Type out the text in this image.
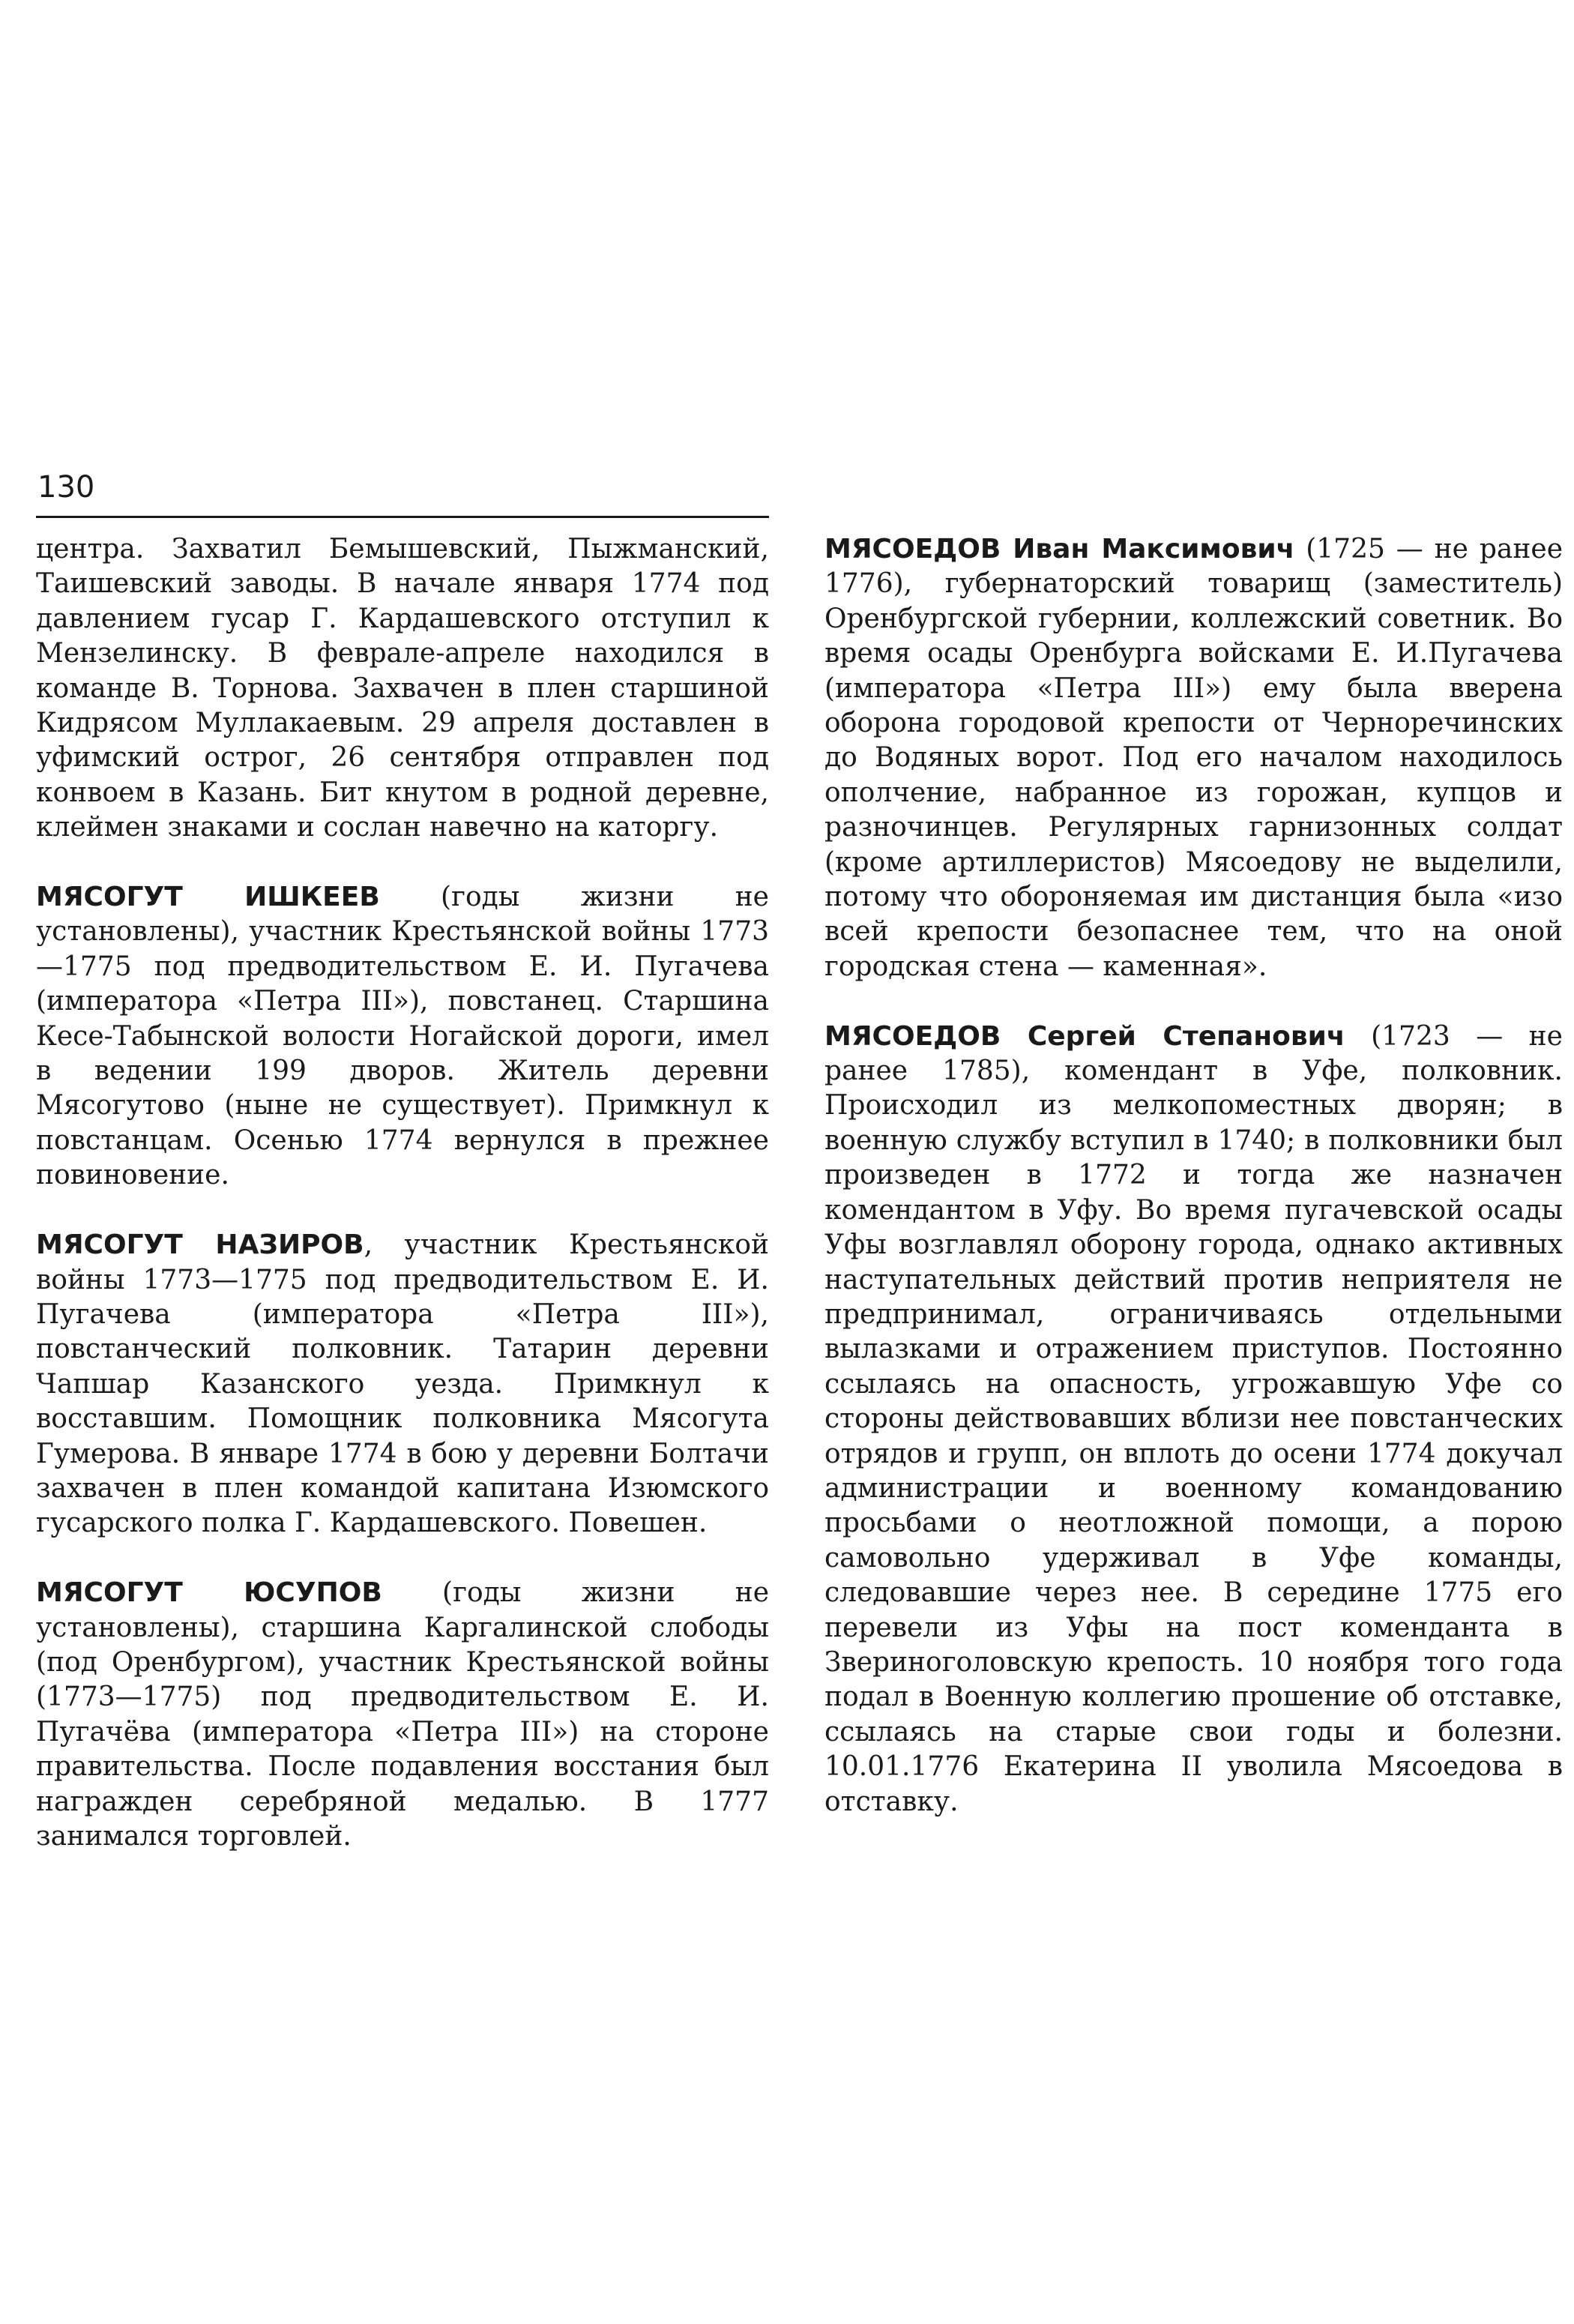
130

центра. Захватил Бемышевский, Пыжманский, Таишевский заводы. В начале января 1774 под давлением гусар Г. Кардашевского отступил к Мензелинску. В феврале-апреле находился в команде В. Торнова. Захвачен в плен старшиной Кидрясом Муллакаевым. 29 апреля доставлен в уфимский острог, 26 сентября отправлен под конвоем в Казань. Бит кнутом в родной деревне, клеймен знаками и сослан навечно на каторгу.

МЯСОГУТ ИШКЕЕВ (годы жизни не установлены), участник Крестьянской войны 1773—1775 под предводительством Е. И. Пугачева (императора «Петра III»), повстанец. Старшина Кесе-Табынской волости Ногайской дороги, имел в ведении 199 дворов. Житель деревни Мясогутово (ныне не существует). Примкнул к повстанцам. Осенью 1774 вернулся в прежнее повиновение.

МЯСОГУТ НАЗИРОВ, участник Крестьянской войны 1773—1775 под предводительством Е. И. Пугачева (императора «Петра III»), повстанческий полковник. Татарин деревни Чапшар Казанского уезда. Примкнул к восставшим. Помощник полковника Мясогута Гумерова. В январе 1774 в бою у деревни Болтачи захвачен в плен командой капитана Изюмского гусарского полка Г. Кардашевского. Повешен.

МЯСОГУТ ЮСУПОВ (годы жизни не установлены), старшина Каргалинской слободы (под Оренбургом), участник Крестьянской войны (1773—1775) под предводительством Е. И. Пугачёва (императора «Петра III») на стороне правительства. После подавления восстания был награжден серебряной медалью. В 1777 занимался торговлей.

МЯСОЕДОВ Иван Максимович (1725 — не ранее 1776), губернаторский товарищ (заместитель) Оренбургской губернии, коллежский советник. Во время осады Оренбурга войсками Е. И.Пугачева (императора «Петра III») ему была вверена оборона городовой крепости от Черноречинских до Водяных ворот. Под его началом находилось ополчение, набранное из горожан, купцов и разночинцев. Регулярных гарнизонных солдат (кроме артиллеристов) Мясоедову не выделили, потому что обороняемая им дистанция была «изо всей крепости безопаснее тем, что на оной городская стена — каменная».

МЯСОЕДОВ Сергей Степанович (1723 — не ранее 1785), комендант в Уфе, полковник. Происходил из мелкопоместных дворян; в военную службу вступил в 1740; в полковники был произведен в 1772 и тогда же назначен комендантом в Уфу. Во время пугачевской осады Уфы возглавлял оборону города, однако активных наступательных действий против неприятеля не предпринимал, ограничиваясь отдельными вылазками и отражением приступов. Постоянно ссылаясь на опасность, угрожавшую Уфе со стороны действовавших вблизи нее повстанческих отрядов и групп, он вплоть до осени 1774 докучал администрации и военному командованию просьбами о неотложной помощи, а порою самовольно удерживал в Уфе команды, следовавшие через нее. В середине 1775 его перевели из Уфы на пост коменданта в Звериноголовскую крепость. 10 ноября того года подал в Военную коллегию прошение об отставке, ссылаясь на старые свои годы и болезни. 10.01.1776 Екатерина II уволила Мясоедова в отставку.
